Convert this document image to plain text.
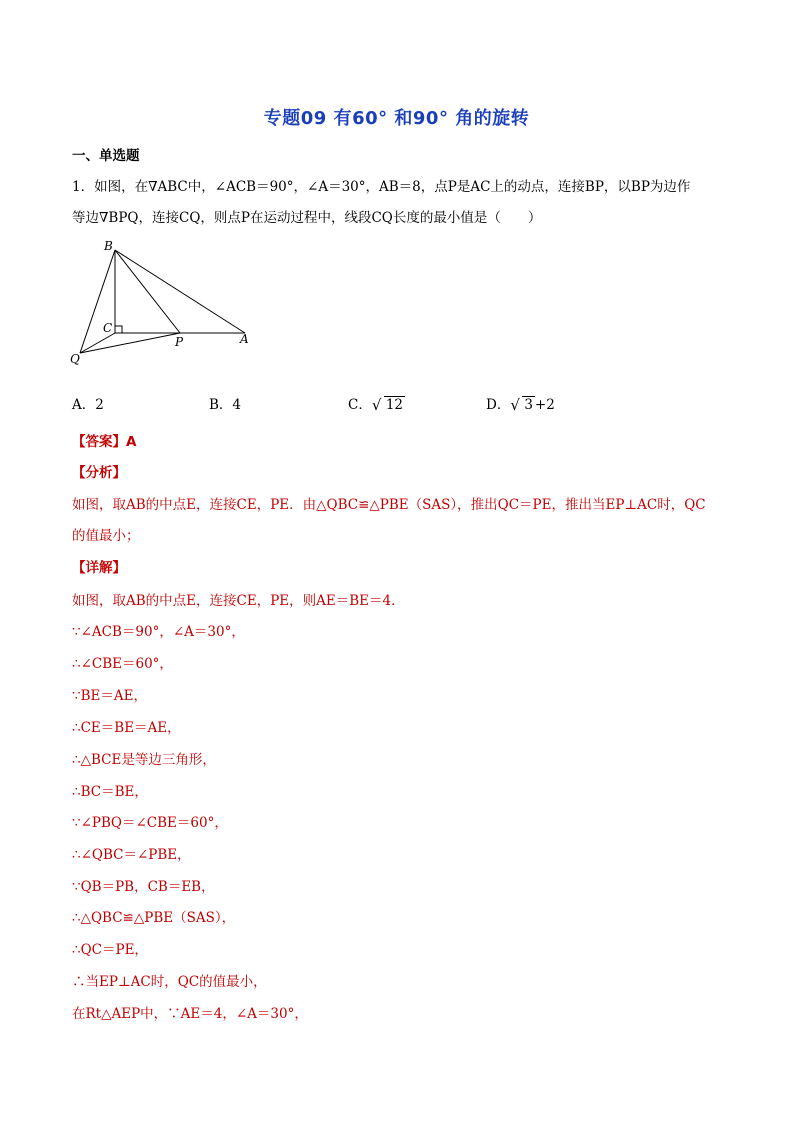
专题09 有60° 和90° 角的旋转
一、单选题
1．如图，在∇ABC中，∠ACB＝90°，∠A＝30°，AB＝8，点P是AC上的动点，连接BP，以BP为边作
等边∇BPQ，连接CQ，则点P在运动过程中，线段CQ长度的最小值是（　　）
B
C
P	A
Q
A．2	B．4	C． √ 12	D． √ 3 +2
【答案】A
【分析】
如图，取AB的中点E，连接CE，PE．由△QBC≌△PBE（SAS），推出QC＝PE，推出当EP⊥AC时，QC
的值最小；
【详解】
如图，取AB的中点E，连接CE，PE，则AE＝BE＝4．
∵∠ACB＝90°，∠A＝30°，
∴∠CBE＝60°，
∵BE＝AE，
∴CE＝BE＝AE，
∴△BCE是等边三角形，
∴BC＝BE，
∵∠PBQ＝∠CBE＝60°，
∴∠QBC＝∠PBE，
∵QB＝PB，CB＝EB，
∴△QBC≌△PBE（SAS），
∴QC＝PE，
∴当EP⊥AC时，QC的值最小，
在Rt△AEP中，∵AE＝4，∠A＝30°，
